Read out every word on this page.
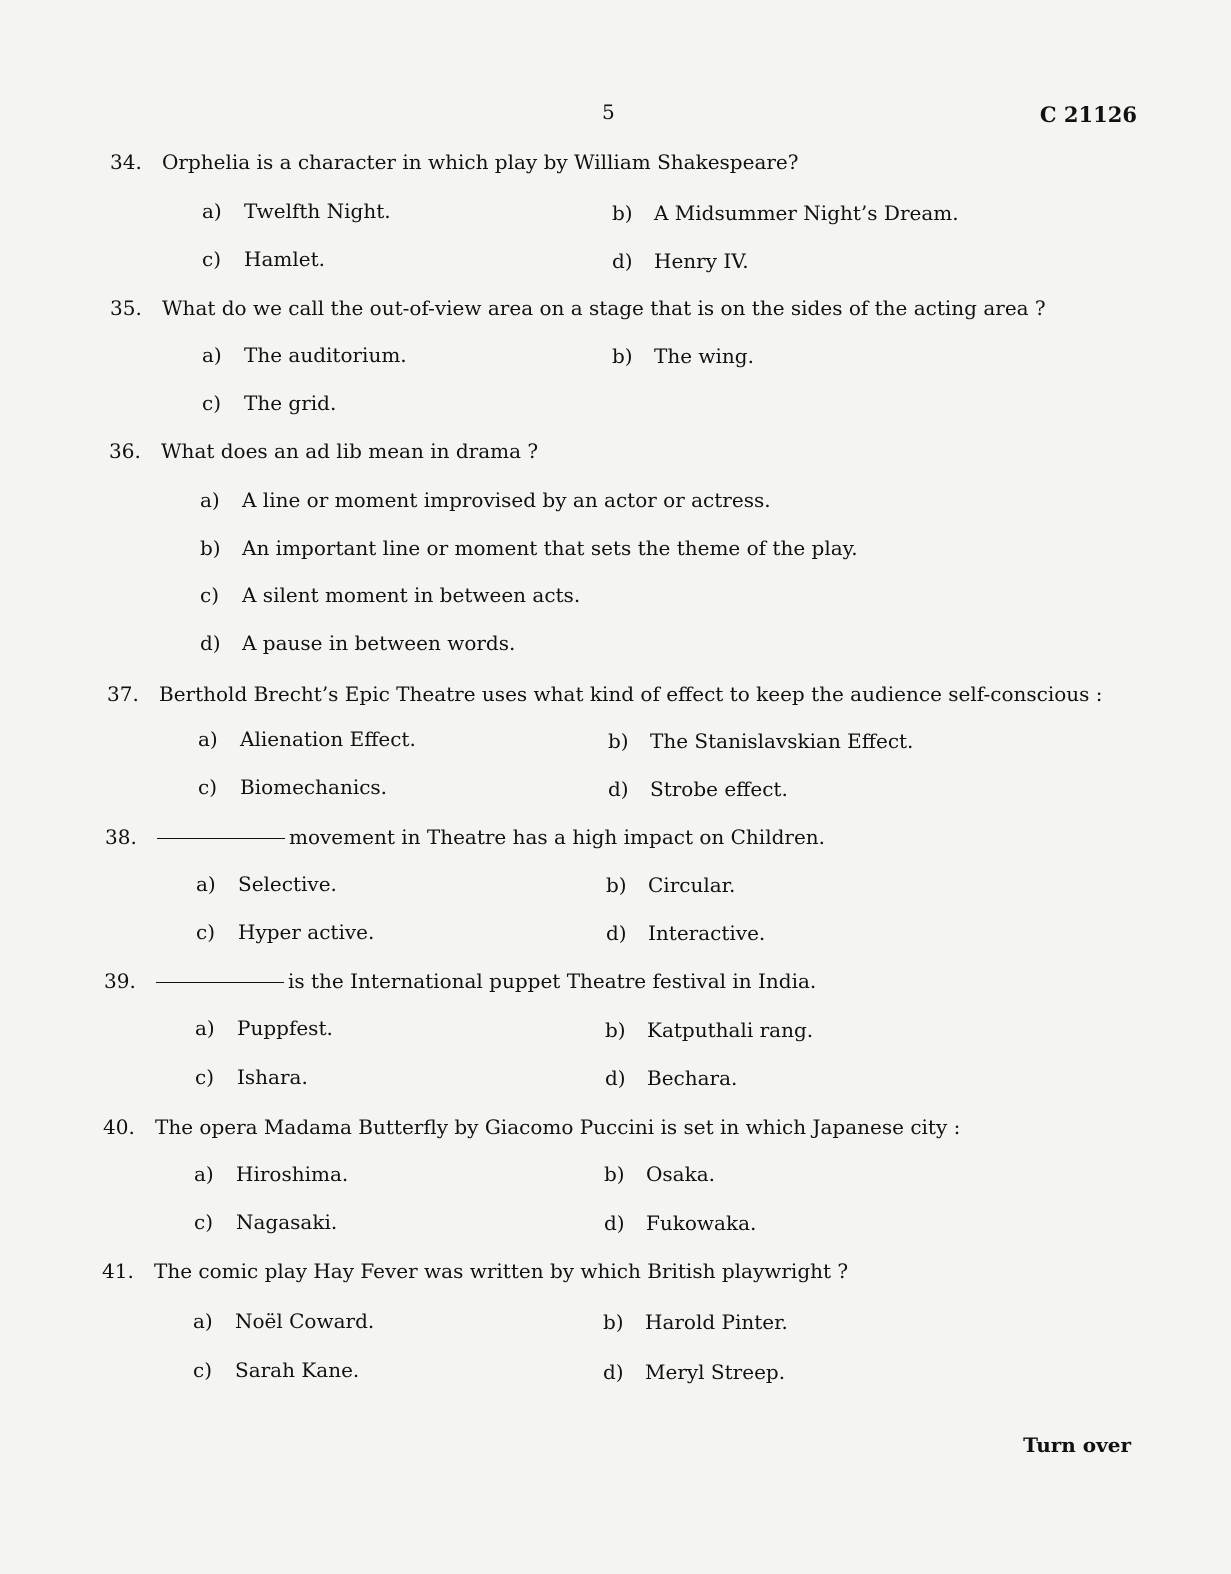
5	C 21126
34. Orphelia is a character in which play by William Shakespeare?
a) Twelfth Night.	b) A Midsummer Night’s Dream.
c) Hamlet.	d) Henry IV.
35. What do we call the out-of-view area on a stage that is on the sides of the acting area ?
a) The auditorium.	b) The wing.
c) The grid.
36. What does an ad lib mean in drama ?
a) A line or moment improvised by an actor or actress.
b) An important line or moment that sets the theme of the play.
c) A silent moment in between acts.
d) A pause in between words.
37. Berthold Brecht’s Epic Theatre uses what kind of effect to keep the audience self-conscious :
a) Alienation Effect.	b) The Stanislavskian Effect.
c) Biomechanics.	d) Strobe effect.
38.	movement in Theatre has a high impact on Children.
a) Selective.	b) Circular.
c) Hyper active.	d) Interactive.
39.	is the International puppet Theatre festival in India.
a) Puppfest.	b) Katputhali rang.
c) Ishara.	d) Bechara.
40. The opera Madama Butterfly by Giacomo Puccini is set in which Japanese city :
a) Hiroshima.	b) Osaka.
c) Nagasaki.	d) Fukowaka.
41. The comic play Hay Fever was written by which British playwright ?
a) Noël Coward.	b) Harold Pinter.
c) Sarah Kane.	d) Meryl Streep.
Turn over
